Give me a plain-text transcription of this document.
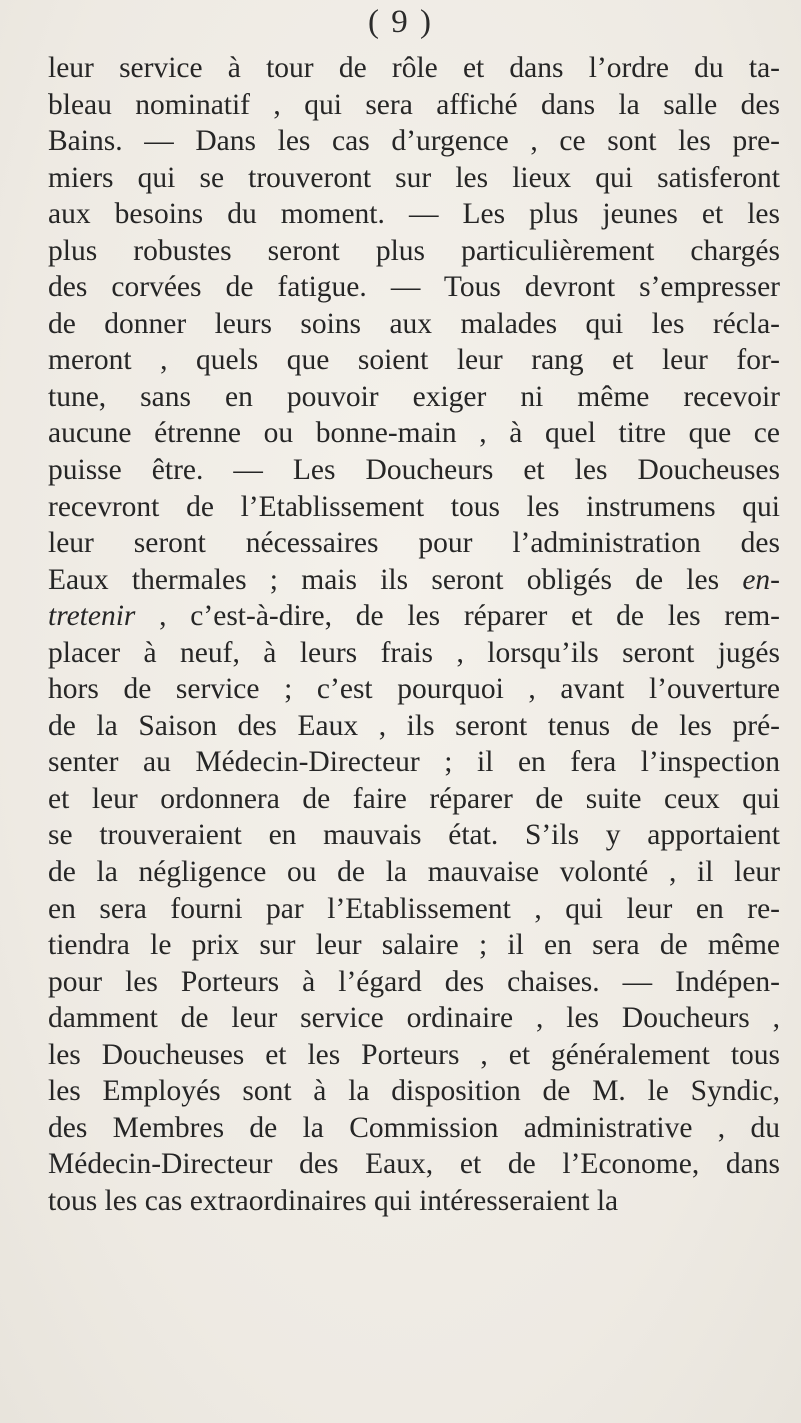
( 9 )
leur service à tour de rôle et dans l’ordre du ta-
bleau nominatif , qui sera affiché dans la salle des
Bains. — Dans les cas d’urgence , ce sont les pre-
miers qui se trouveront sur les lieux qui satisferont
aux besoins du moment. — Les plus jeunes et les
plus robustes seront plus particulièrement chargés
des corvées de fatigue. — Tous devront s’empresser
de donner leurs soins aux malades qui les récla-
meront , quels que soient leur rang et leur for-
tune, sans en pouvoir exiger ni même recevoir
aucune étrenne ou bonne-main , à quel titre que ce
puisse être. — Les Doucheurs et les Doucheuses
recevront de l’Etablissement tous les instrumens qui
leur seront nécessaires pour l’administration des
Eaux thermales ; mais ils seront obligés de les en-
tretenir , c’est-à-dire, de les réparer et de les rem-
placer à neuf, à leurs frais , lorsqu’ils seront jugés
hors de service ; c’est pourquoi , avant l’ouverture
de la Saison des Eaux , ils seront tenus de les pré-
senter au Médecin-Directeur ; il en fera l’inspection
et leur ordonnera de faire réparer de suite ceux qui
se trouveraient en mauvais état. S’ils y apportaient
de la négligence ou de la mauvaise volonté , il leur
en sera fourni par l’Etablissement , qui leur en re-
tiendra le prix sur leur salaire ; il en sera de même
pour les Porteurs à l’égard des chaises. — Indépen-
damment de leur service ordinaire , les Doucheurs ,
les Doucheuses et les Porteurs , et généralement tous
les Employés sont à la disposition de M. le Syndic,
des Membres de la Commission administrative , du
Médecin-Directeur des Eaux, et de l’Econome, dans
tous les cas extraordinaires qui intéresseraient la
